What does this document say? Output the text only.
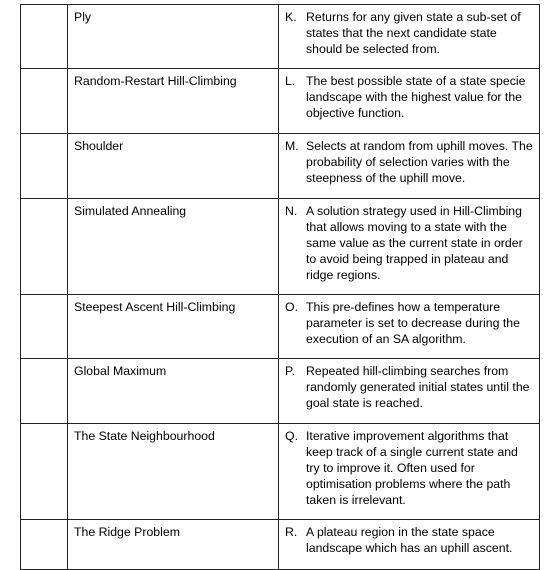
	Ply	K. Returns for any given state a sub-set of states that the next candidate state should be selected from.

	Random-Restart Hill-Climbing	L. The best possible state of a state specie landscape with the highest value for the objective function.

	Shoulder	M. Selects at random from uphill moves. The probability of selection varies with the steepness of the uphill move.

	Simulated Annealing	N. A solution strategy used in Hill-Climbing that allows moving to a state with the same value as the current state in order to avoid being trapped in plateau and ridge regions.

	Steepest Ascent Hill-Climbing	O. This pre-defines how a temperature parameter is set to decrease during the execution of an SA algorithm.

	Global Maximum	P. Repeated hill-climbing searches from randomly generated initial states until the goal state is reached.

	The State Neighbourhood	Q. Iterative improvement algorithms that keep track of a single current state and try to improve it. Often used for optimisation problems where the path taken is irrelevant.

	The Ridge Problem	R. A plateau region in the state space landscape which has an uphill ascent.
